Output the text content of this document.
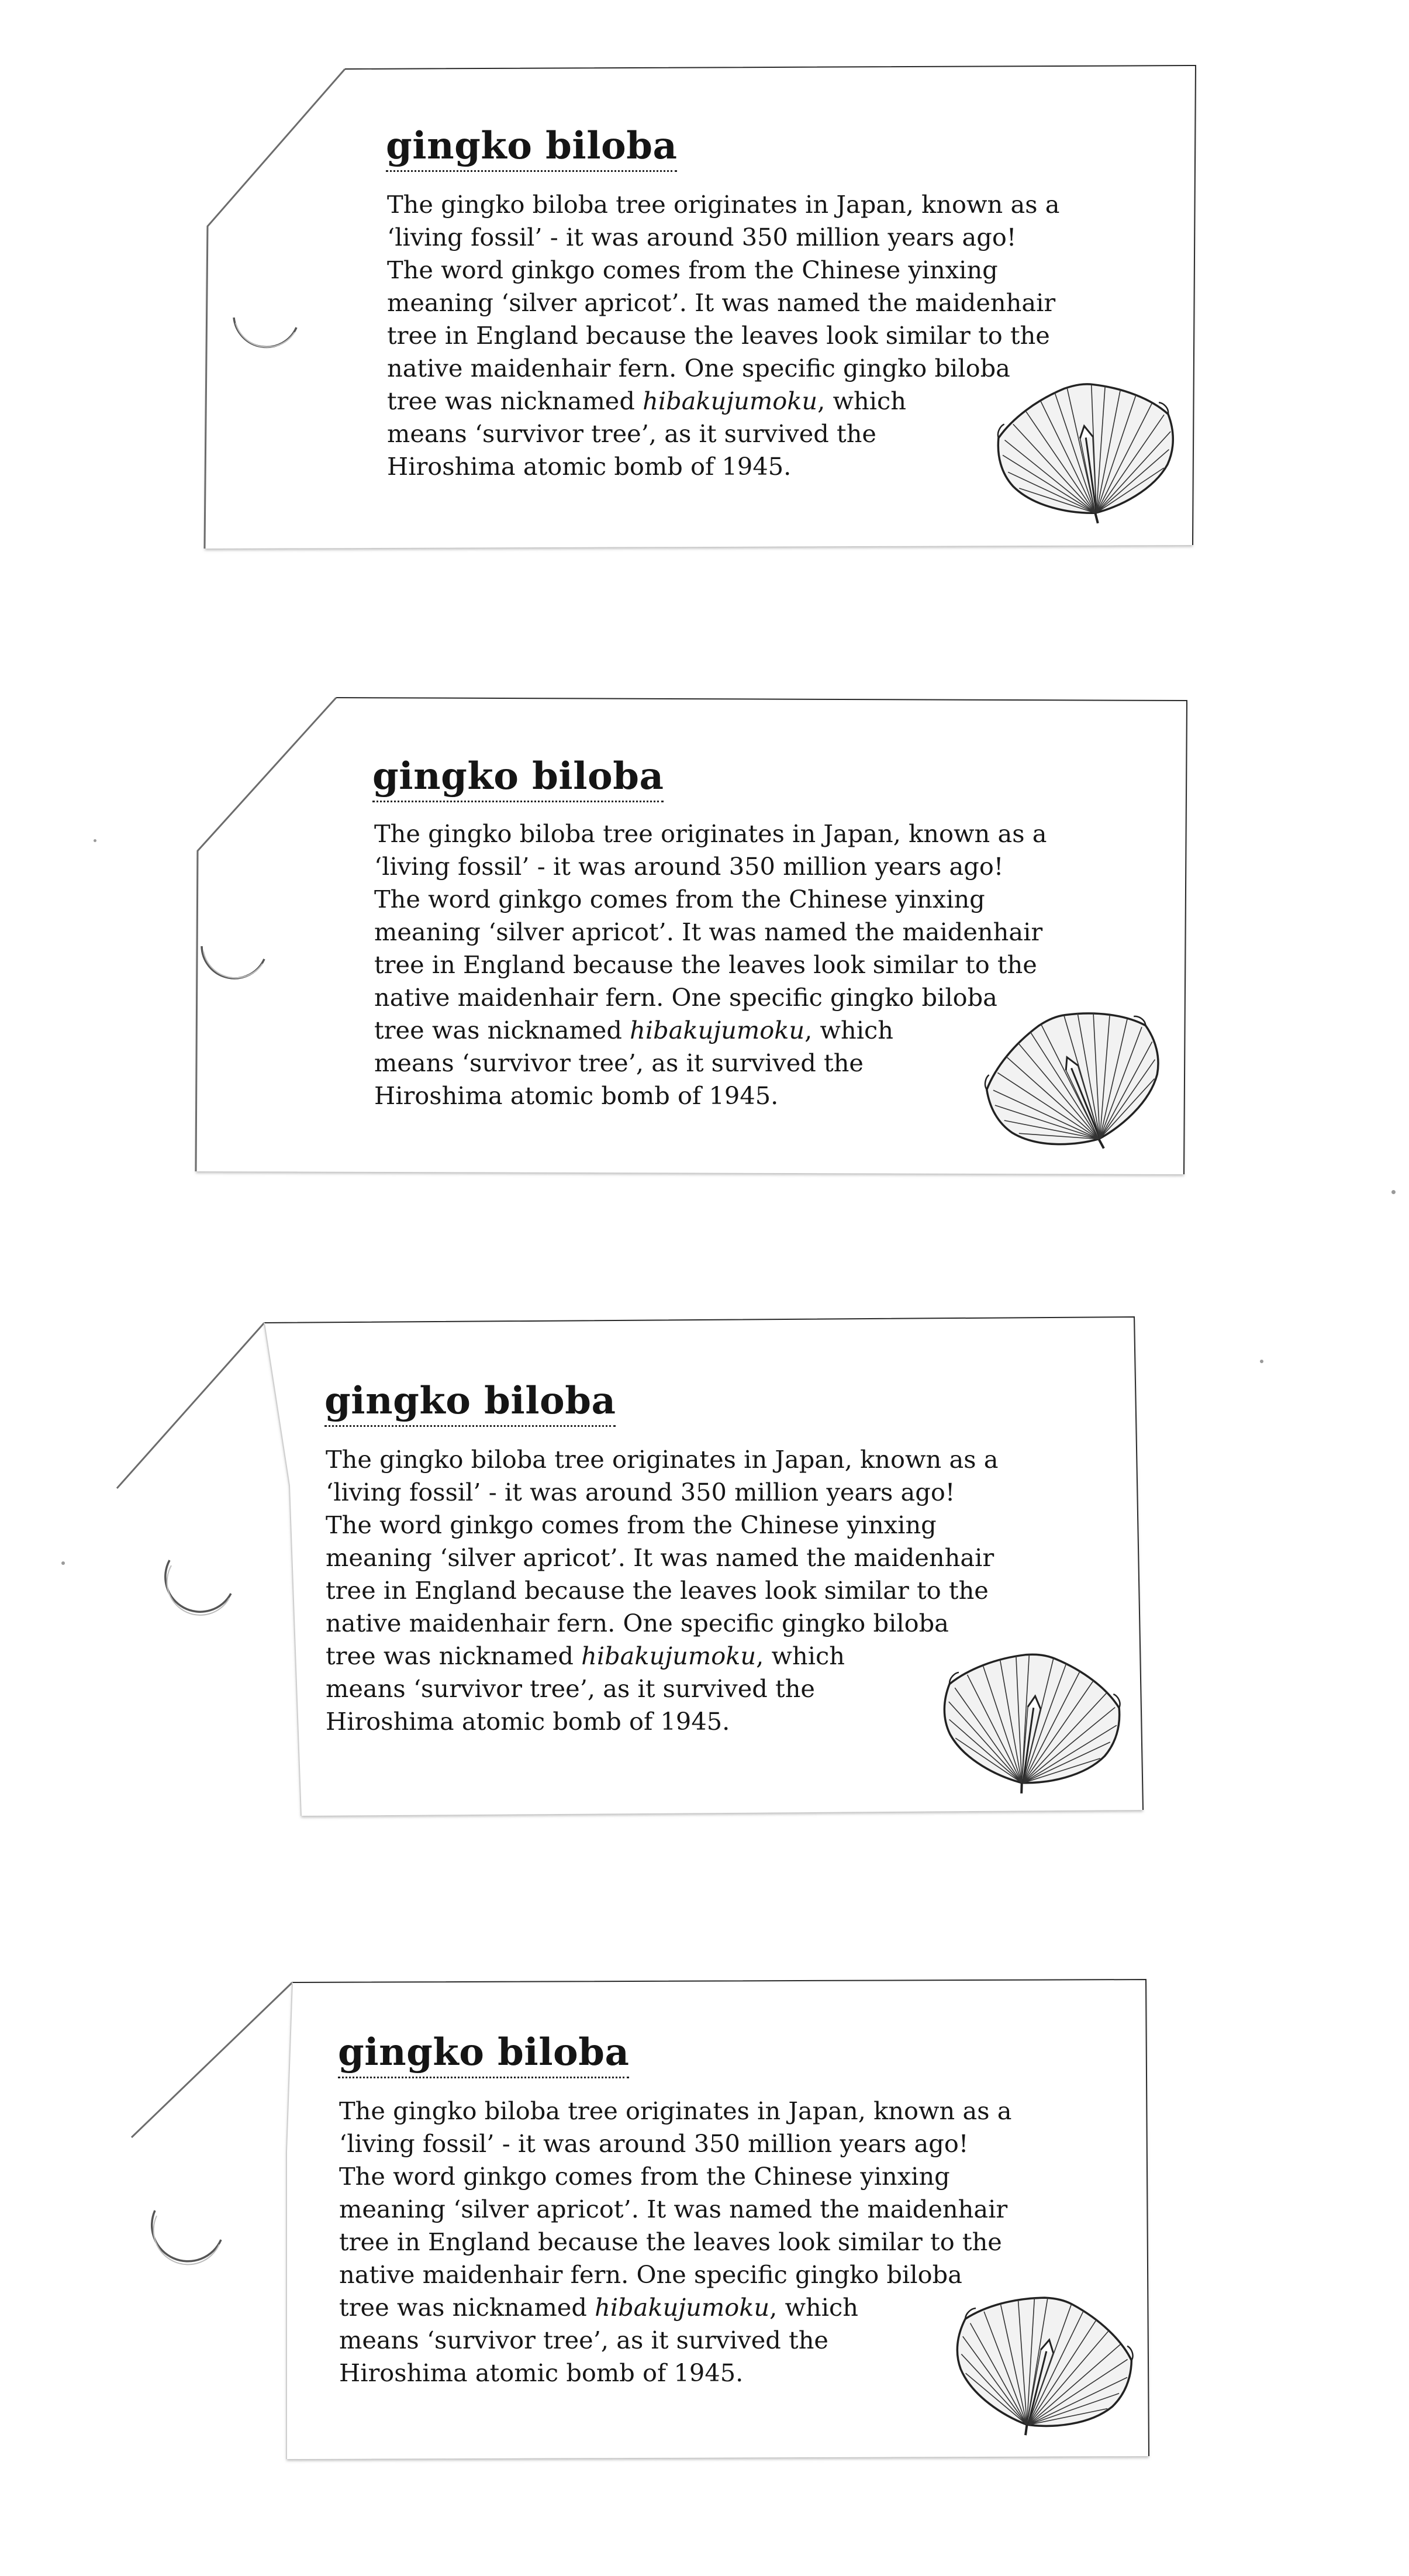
gingko biloba
The gingko biloba tree originates in Japan, known as a
‘living fossil’ - it was around 350 million years ago!
The word ginkgo comes from the Chinese yinxing
meaning ‘silver apricot’. It was named the maidenhair
tree in England because the leaves look similar to the
native maidenhair fern. One specific gingko biloba
tree was nicknamed hibakujumoku, which
means ‘survivor tree’, as it survived the
Hiroshima atomic bomb of 1945.
gingko biloba
The gingko biloba tree originates in Japan, known as a
‘living fossil’ - it was around 350 million years ago!
The word ginkgo comes from the Chinese yinxing
meaning ‘silver apricot’. It was named the maidenhair
tree in England because the leaves look similar to the
native maidenhair fern. One specific gingko biloba
tree was nicknamed hibakujumoku, which
means ‘survivor tree’, as it survived the
Hiroshima atomic bomb of 1945.
gingko biloba
The gingko biloba tree originates in Japan, known as a
‘living fossil’ - it was around 350 million years ago!
The word ginkgo comes from the Chinese yinxing
meaning ‘silver apricot’. It was named the maidenhair
tree in England because the leaves look similar to the
native maidenhair fern. One specific gingko biloba
tree was nicknamed hibakujumoku, which
means ‘survivor tree’, as it survived the
Hiroshima atomic bomb of 1945.
gingko biloba
The gingko biloba tree originates in Japan, known as a
‘living fossil’ - it was around 350 million years ago!
The word ginkgo comes from the Chinese yinxing
meaning ‘silver apricot’. It was named the maidenhair
tree in England because the leaves look similar to the
native maidenhair fern. One specific gingko biloba
tree was nicknamed hibakujumoku, which
means ‘survivor tree’, as it survived the
Hiroshima atomic bomb of 1945.
